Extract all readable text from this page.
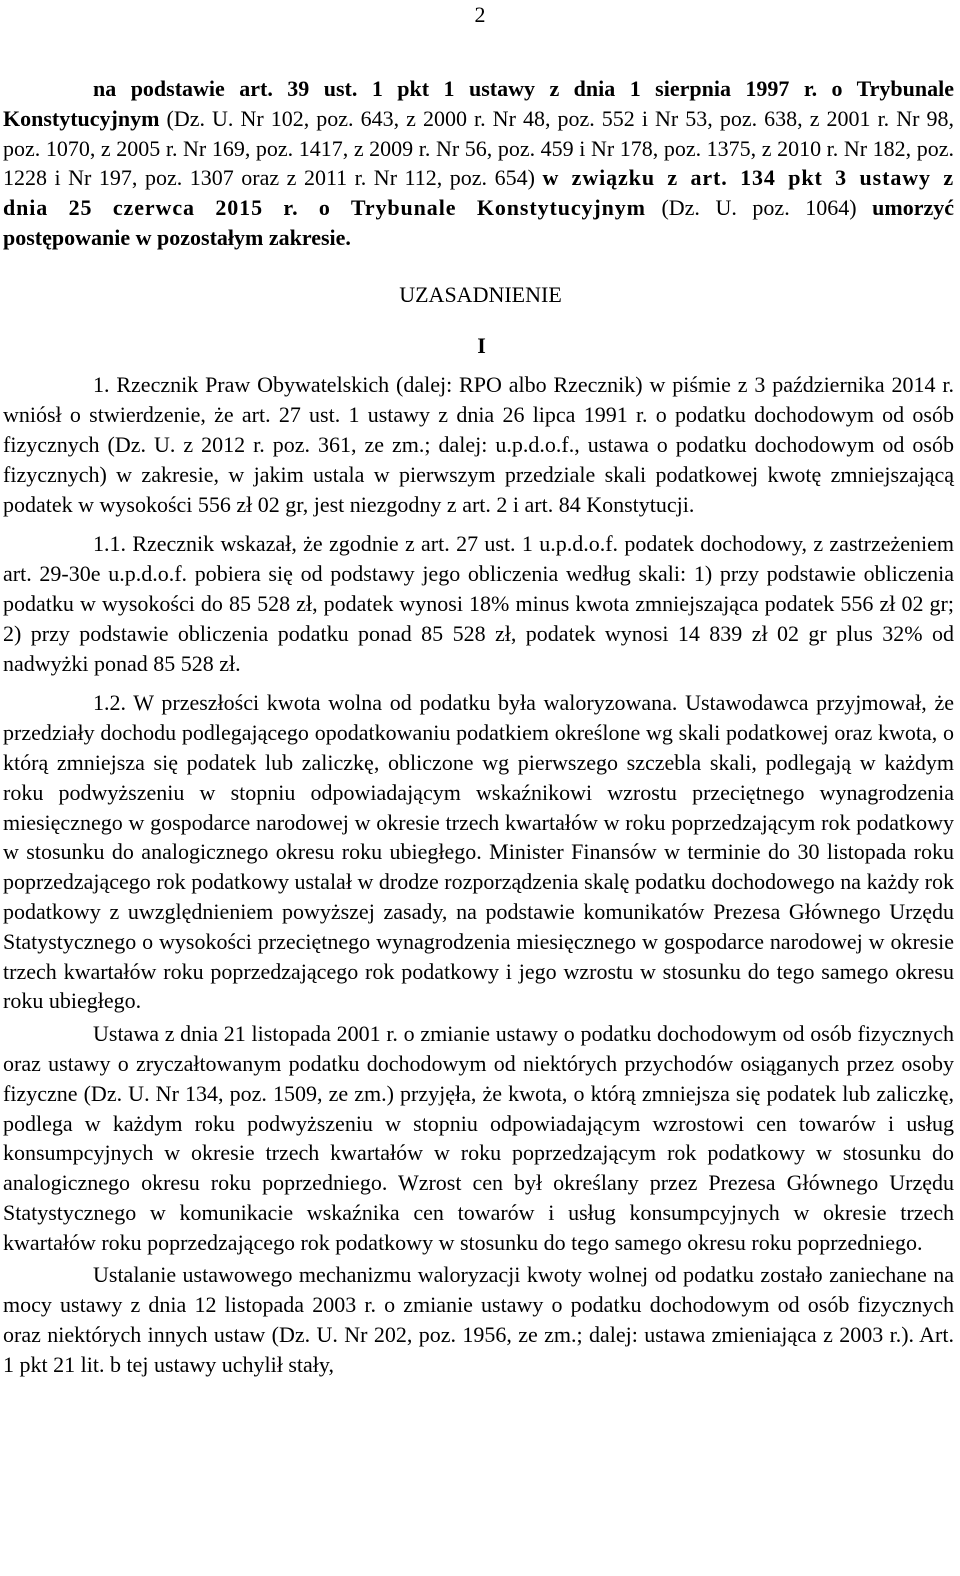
2

na podstawie art. 39 ust. 1 pkt 1 ustawy z dnia 1 sierpnia 1997 r. o Trybunale Konstytucyjnym (Dz. U. Nr 102, poz. 643, z 2000 r. Nr 48, poz. 552 i Nr 53, poz. 638, z 2001 r. Nr 98, poz. 1070, z 2005 r. Nr 169, poz. 1417, z 2009 r. Nr 56, poz. 459 i Nr 178, poz. 1375, z 2010 r. Nr 182, poz. 1228 i Nr 197, poz. 1307 oraz z 2011 r. Nr 112, poz. 654) w związku z art. 134 pkt 3 ustawy z dnia 25 czerwca 2015 r. o Trybunale Konstytucyjnym (Dz. U. poz. 1064) umorzyć postępowanie w pozostałym zakresie.

UZASADNIENIE

I

1. Rzecznik Praw Obywatelskich (dalej: RPO albo Rzecznik) w piśmie z 3 października 2014 r. wniósł o stwierdzenie, że art. 27 ust. 1 ustawy z dnia 26 lipca 1991 r. o podatku dochodowym od osób fizycznych (Dz. U. z 2012 r. poz. 361, ze zm.; dalej: u.p.d.o.f., ustawa o podatku dochodowym od osób fizycznych) w zakresie, w jakim ustala w pierwszym przedziale skali podatkowej kwotę zmniejszającą podatek w wysokości 556 zł 02 gr, jest niezgodny z art. 2 i art. 84 Konstytucji.

1.1. Rzecznik wskazał, że zgodnie z art. 27 ust. 1 u.p.d.o.f. podatek dochodowy, z zastrzeżeniem art. 29-30e u.p.d.o.f. pobiera się od podstawy jego obliczenia według skali: 1) przy podstawie obliczenia podatku w wysokości do 85 528 zł, podatek wynosi 18% minus kwota zmniejszająca podatek 556 zł 02 gr; 2) przy podstawie obliczenia podatku ponad 85 528 zł, podatek wynosi 14 839 zł 02 gr plus 32% od nadwyżki ponad 85 528 zł.

1.2. W przeszłości kwota wolna od podatku była waloryzowana. Ustawodawca przyjmował, że przedziały dochodu podlegającego opodatkowaniu podatkiem określone wg skali podatkowej oraz kwota, o którą zmniejsza się podatek lub zaliczkę, obliczone wg pierwszego szczebla skali, podlegają w każdym roku podwyższeniu w stopniu odpowiadającym wskaźnikowi wzrostu przeciętnego wynagrodzenia miesięcznego w gospodarce narodowej w okresie trzech kwartałów w roku poprzedzającym rok podatkowy w stosunku do analogicznego okresu roku ubiegłego. Minister Finansów w terminie do 30 listopada roku poprzedzającego rok podatkowy ustalał w drodze rozporządzenia skalę podatku dochodowego na każdy rok podatkowy z uwzględnieniem powyższej zasady, na podstawie komunikatów Prezesa Głównego Urzędu Statystycznego o wysokości przeciętnego wynagrodzenia miesięcznego w gospodarce narodowej w okresie trzech kwartałów roku poprzedzającego rok podatkowy i jego wzrostu w stosunku do tego samego okresu roku ubiegłego.

Ustawa z dnia 21 listopada 2001 r. o zmianie ustawy o podatku dochodowym od osób fizycznych oraz ustawy o zryczałtowanym podatku dochodowym od niektórych przychodów osiąganych przez osoby fizyczne (Dz. U. Nr 134, poz. 1509, ze zm.) przyjęła, że kwota, o którą zmniejsza się podatek lub zaliczkę, podlega w każdym roku podwyższeniu w stopniu odpowiadającym wzrostowi cen towarów i usług konsumpcyjnych w okresie trzech kwartałów w roku poprzedzającym rok podatkowy w stosunku do analogicznego okresu roku poprzedniego. Wzrost cen był określany przez Prezesa Głównego Urzędu Statystycznego w komunikacie wskaźnika cen towarów i usług konsumpcyjnych w okresie trzech kwartałów roku poprzedzającego rok podatkowy w stosunku do tego samego okresu roku poprzedniego.

Ustalanie ustawowego mechanizmu waloryzacji kwoty wolnej od podatku zostało zaniechane na mocy ustawy z dnia 12 listopada 2003 r. o zmianie ustawy o podatku dochodowym od osób fizycznych oraz niektórych innych ustaw (Dz. U. Nr 202, poz. 1956, ze zm.; dalej: ustawa zmieniająca z 2003 r.). Art. 1 pkt 21 lit. b tej ustawy uchylił stały,
